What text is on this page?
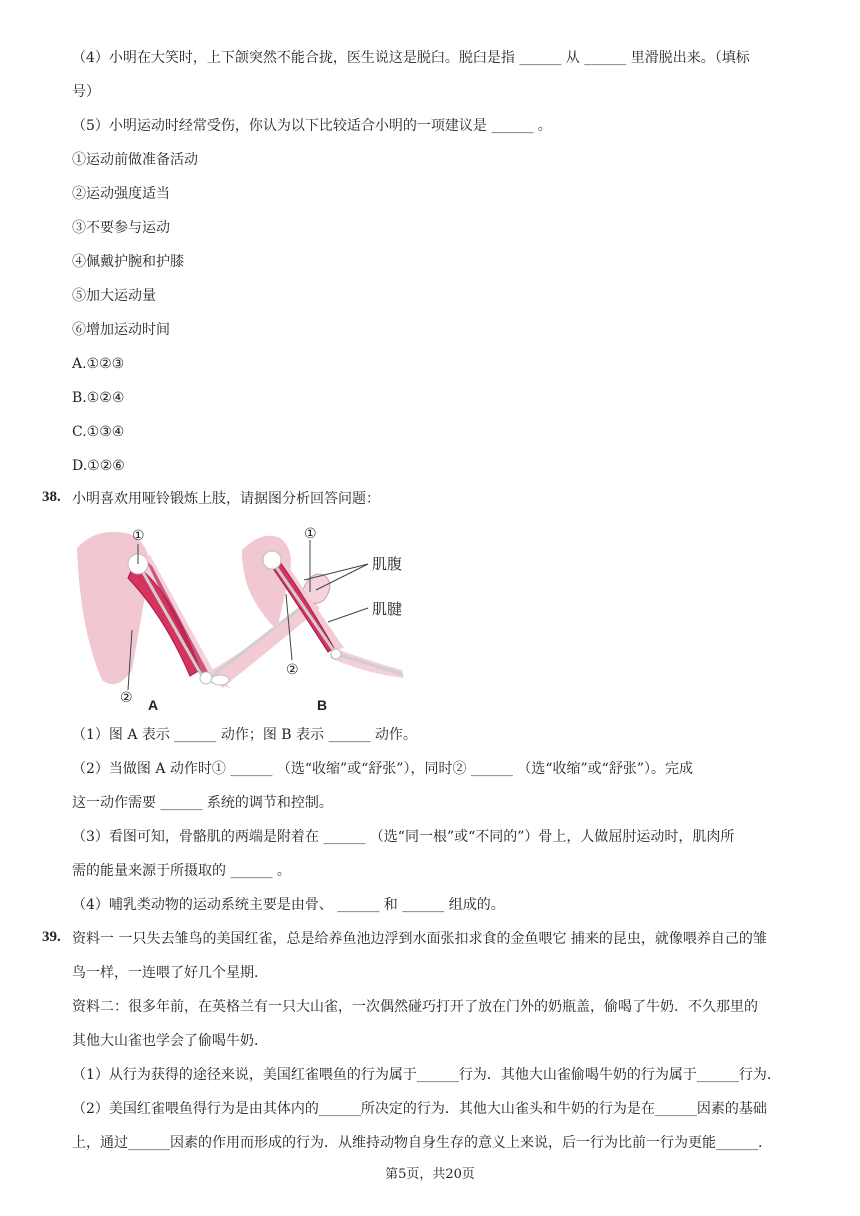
（4）小明在大笑时，上下颌突然不能合拢，医生说这是脱臼。脱臼是指 ______ 从 ______ 里滑脱出来。（填标
号）
（5）小明运动时经常受伤，你认为以下比较适合小明的一项建议是 ______ 。
①运动前做准备活动
②运动强度适当
③不要参与运动
④佩戴护腕和护膝
⑤加大运动量
⑥增加运动时间
A.①②③
B.①②④
C.①③④
D.①②⑥
38. 小明喜欢用哑铃锻炼上肢，请据图分析回答问题：
①
②
①
②
肌腹
肌腱
A	B
（1）图 A 表示 ______ 动作；图 B 表示 ______ 动作。
（2）当做图 A 动作时① ______ （选“收缩”或“舒张”），同时② ______ （选“收缩”或“舒张”）。完成
这一动作需要 ______ 系统的调节和控制。
（3）看图可知，骨骼肌的两端是附着在 ______ （选“同一根”或“不同的”）骨上，人做屈肘运动时，肌肉所
需的能量来源于所摄取的 ______ 。
（4）哺乳类动物的运动系统主要是由骨、 ______ 和 ______ 组成的。
39. 资料一 一只失去雏鸟的美国红雀，总是给养鱼池边浮到水面张扣求食的金鱼喂它 捕来的昆虫，就像喂养自己的雏
鸟一样，一连喂了好几个星期.
资料二：很多年前，在英格兰有一只大山雀，一次偶然碰巧打开了放在门外的奶瓶盖，偷喝了牛奶．不久那里的
其他大山雀也学会了偷喝牛奶.
（1）从行为获得的途径来说，美国红雀喂鱼的行为属于______行为．其他大山雀偷喝牛奶的行为属于______行为.
（2）美国红雀喂鱼得行为是由其体内的______所决定的行为．其他大山雀头和牛奶的行为是在______因素的基础
上，通过______因素的作用而形成的行为．从维持动物自身生存的意义上来说，后一行为比前一行为更能______.
第5页，共20页
